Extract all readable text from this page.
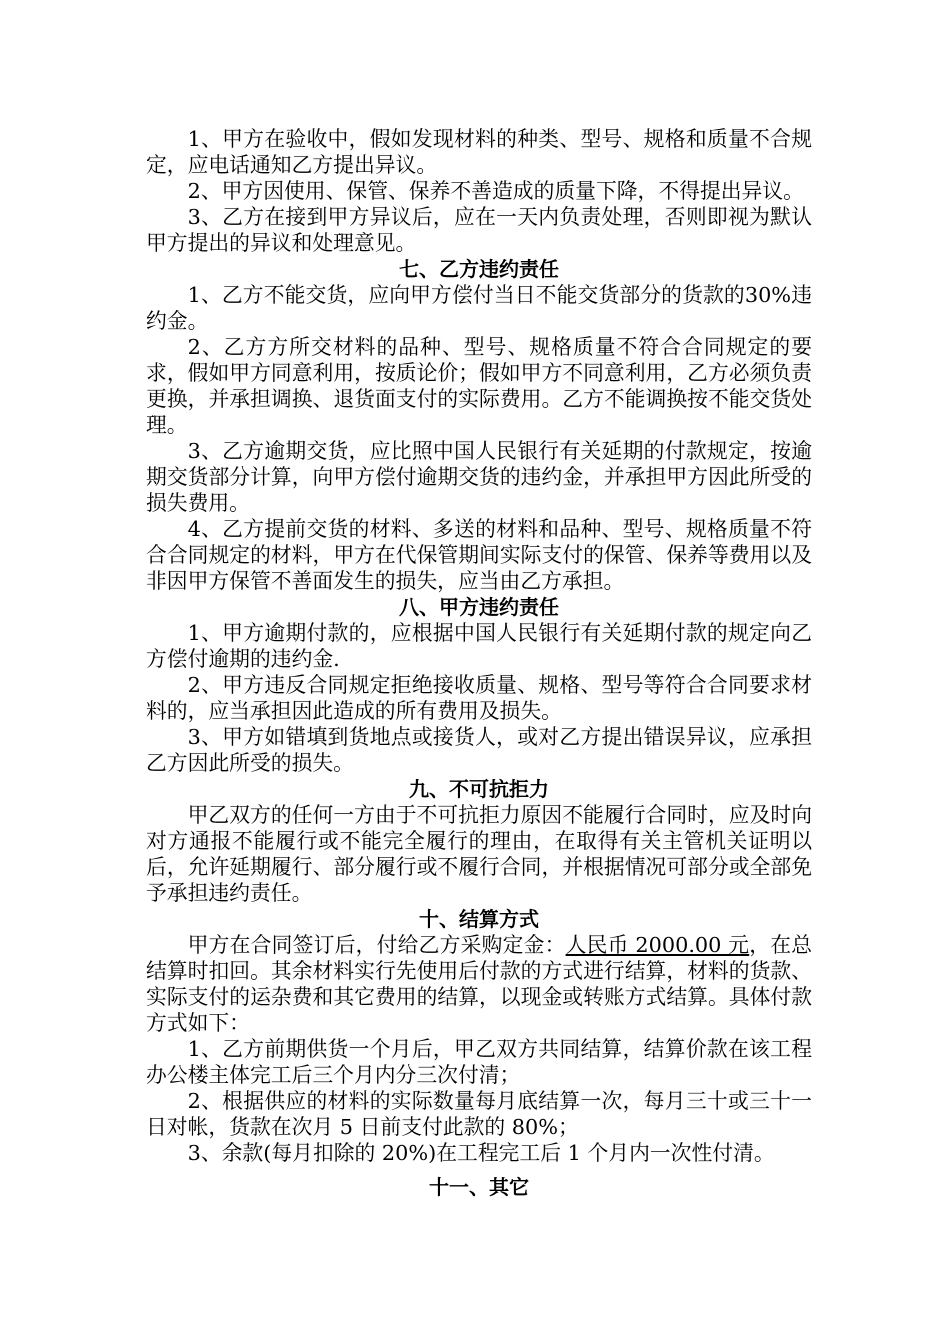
1、甲方在验收中，假如发现材料的种类、型号、规格和质量不合规定，应电话通知乙方提出异议。

2、甲方因使用、保管、保养不善造成的质量下降，不得提出异议。

3、乙方在接到甲方异议后，应在一天内负责处理，否则即视为默认甲方提出的异议和处理意见。

七、乙方违约责任

1、乙方不能交货，应向甲方偿付当日不能交货部分的货款的30%违约金。

2、乙方方所交材料的品种、型号、规格质量不符合合同规定的要求，假如甲方同意利用，按质论价；假如甲方不同意利用，乙方必须负责更换，并承担调换、退货面支付的实际费用。乙方不能调换按不能交货处理。

3、乙方逾期交货，应比照中国人民银行有关延期的付款规定，按逾期交货部分计算，向甲方偿付逾期交货的违约金，并承担甲方因此所受的损失费用。

4、乙方提前交货的材料、多送的材料和品种、型号、规格质量不符合合同规定的材料，甲方在代保管期间实际支付的保管、保养等费用以及非因甲方保管不善面发生的损失，应当由乙方承担。

八、甲方违约责任

1、甲方逾期付款的，应根据中国人民银行有关延期付款的规定向乙方偿付逾期的违约金.

2、甲方违反合同规定拒绝接收质量、规格、型号等符合合同要求材料的，应当承担因此造成的所有费用及损失。

3、甲方如错填到货地点或接货人，或对乙方提出错误异议，应承担乙方因此所受的损失。

九、不可抗拒力

甲乙双方的任何一方由于不可抗拒力原因不能履行合同时，应及时向对方通报不能履行或不能完全履行的理由，在取得有关主管机关证明以后，允许延期履行、部分履行或不履行合同，并根据情况可部分或全部免予承担违约责任。

十、结算方式

甲方在合同签订后，付给乙方采购定金：人民币 2000.00 元，在总结算时扣回。其余材料实行先使用后付款的方式进行结算，材料的货款、实际支付的运杂费和其它费用的结算，以现金或转账方式结算。具体付款方式如下：

1、乙方前期供货一个月后，甲乙双方共同结算，结算价款在该工程办公楼主体完工后三个月内分三次付清；

2、根据供应的材料的实际数量每月底结算一次，每月三十或三十一日对帐，货款在次月 5 日前支付此款的 80%；

3、余款(每月扣除的 20%)在工程完工后 1 个月内一次性付清。

十一、其它
